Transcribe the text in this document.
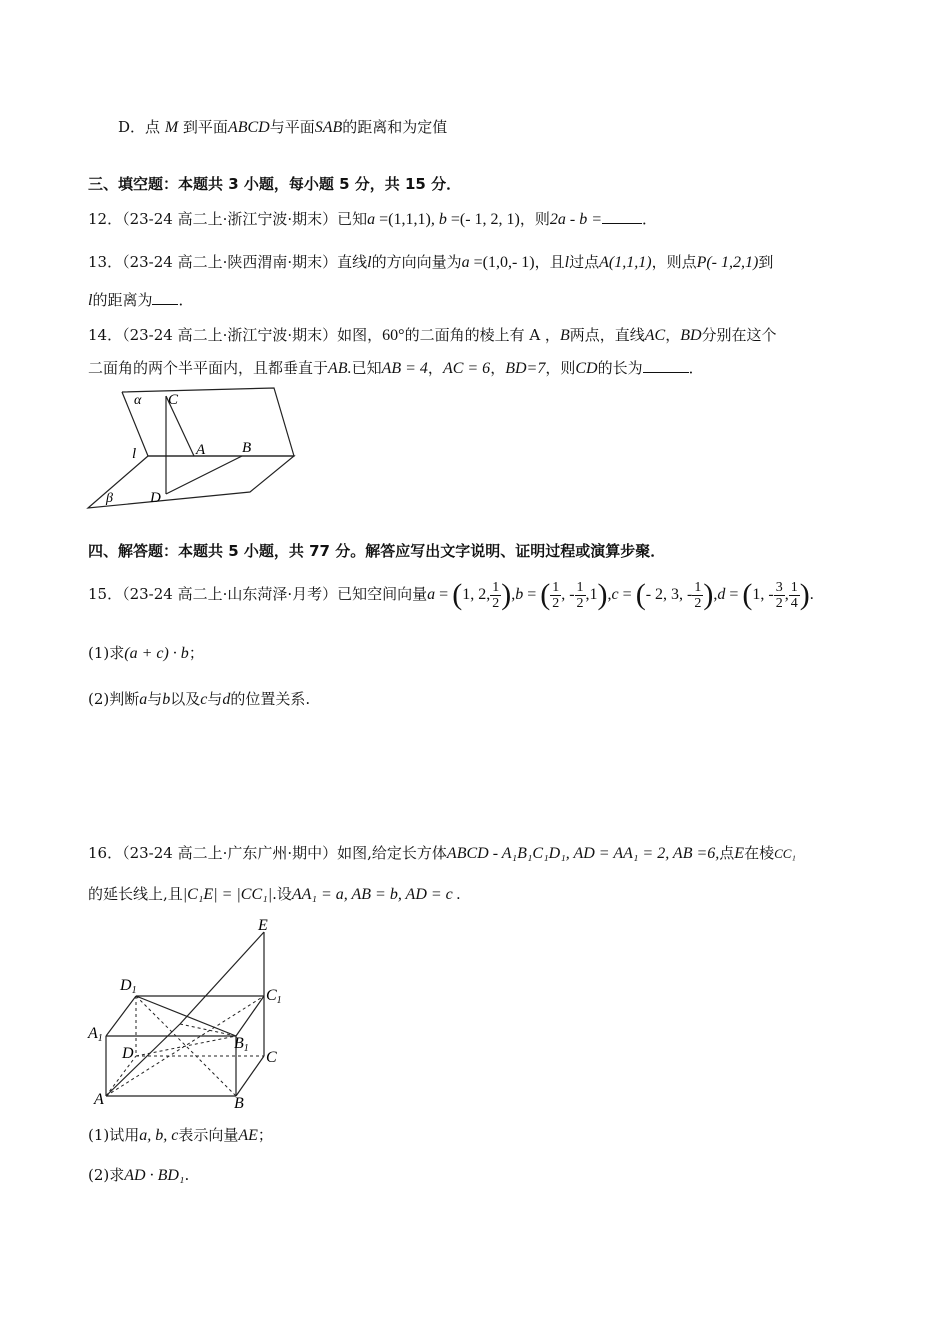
D．点 M 到平面ABCD与平面SAB的距离和为定值
三、填空题：本题共 3 小题，每小题 5 分，共 15 分．
12．（23-24 高二上·浙江宁波·期末）已知a =(1,1,1), b =(- 1, 2, 1)，则2a - b =	．
13．（23-24 高二上·陕西渭南·期末）直线l的方向向量为a =(1,0,- 1)，且l过点A(1,1,1)，则点P(- 1,2,1)到
l的距离为 ．
14．（23-24 高二上·浙江宁波·期末）如图，60°的二面角的棱上有 A ，B两点，直线AC，BD分别在这个
二面角的两个半平面内，且都垂直于AB.已知AB = 4，AC = 6，BD=7，则CD的长为	．
α C
l	A B
β D
四、解答题：本题共 5 小题，共 77 分。解答应写出文字说明、证明过程或演算步聚．
15．（23-24 高二上·山东菏泽·月考）已知空间向量a = (1, 2, $\frac{1}{2} ),b$ = ( $\frac{1}{2}$ , - $\frac{1}{2} ,1),c$ = (- 2, 3, - $\frac{1}{2} ),d = (1$, - $\frac{3}{2}$ , $\frac{1}{4}$ ).
(1)求(a + c) · b；
(2)判断a与b以及c与d的位置关系.
16．（23-24 高二上·广东广州·期中）如图,给定长方体ABCD - A₁B₁C₁D₁, AD = AA₁ = 2, AB =6,点E在棱CC₁
的延长线上,且|C₁E| = |CC₁|.设AA₁ = a, AB = b, AD = c .
E
D1	C1
A1	B1
D	C
A	B
(1)试用a, b, c表示向量AE；
(2)求AD · BD₁.
